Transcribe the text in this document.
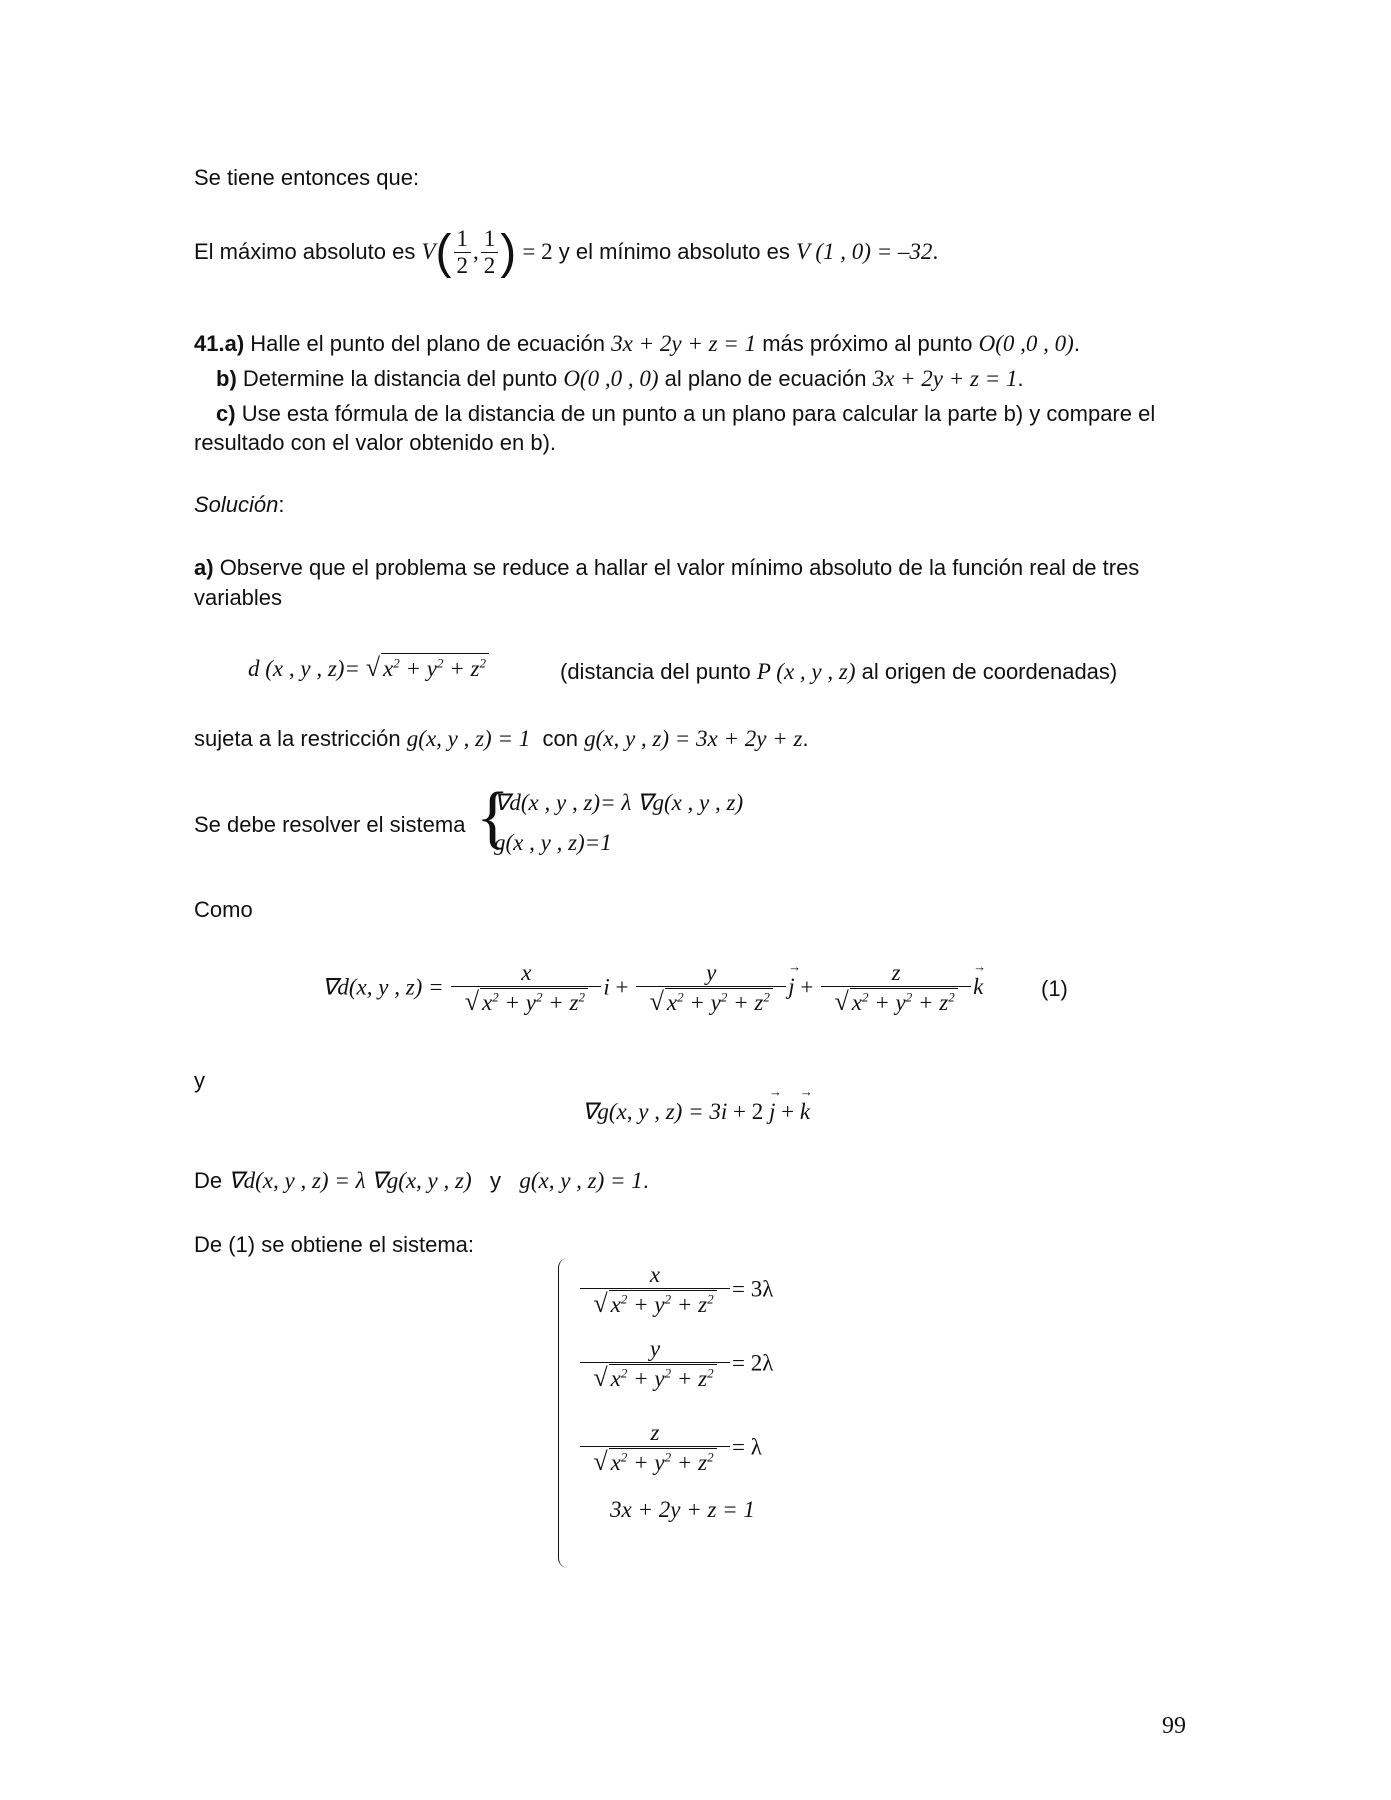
Se tiene entonces que:
El máximo absoluto es $V( \frac{1}{2}$ , $\frac{1}{2}$ ) = 2 y el mínimo absoluto es V (1 , 0) = –32.
41.a) Halle el punto del plano de ecuación 3x + 2y + z = 1 más próximo al punto O(0 ,0 , 0).
b) Determine la distancia del punto O(0 ,0 , 0) al plano de ecuación 3x + 2y + z = 1.
c) Use esta fórmula de la distancia de un punto a un plano para calcular la parte b) y compare el
resultado con el valor obtenido en b).
Solución:
a) Observe que el problema se reduce a hallar el valor mínimo absoluto de la función real de tres
variables
d (x , y , z)= √ $x^2 + y^2 + z^2$	(distancia del punto P (x , y , z) al origen de coordenadas)
sujeta a la restricción g(x, y , z) = 1 con g(x, y , z) = 3x + 2y + z.
Se debe resolver el sistema {
∇d(x , y , z)= λ ∇g(x , y , z)
g(x , y , z)=1
Como
∇d(x, y , $z) = \frac{x}{√ x^2 + y^2 + z^2}$ $i + \frac{y}{√ x^2 + y^2 + z^2}$
→ $j + \frac{z}{√ x^2 + y^2 + z^2}$
→ k	(1)
y
∇g(x, y , z) = 3i + 2 → j + → k
De ∇d(x, y , z) = λ ∇g(x, y , z) y g(x, y , z) = 1.
De (1) se obtiene el sistema:
$\frac{x}{√ x^2 + y^2 + z^2} = 3\lambda$
$\frac{y}{√ x^2 + y^2 + z^2} = 2\lambda$
$\frac{z}{√ x^2 + y^2 + z^2} = \lambda$
3x + 2y + z = 1
99
